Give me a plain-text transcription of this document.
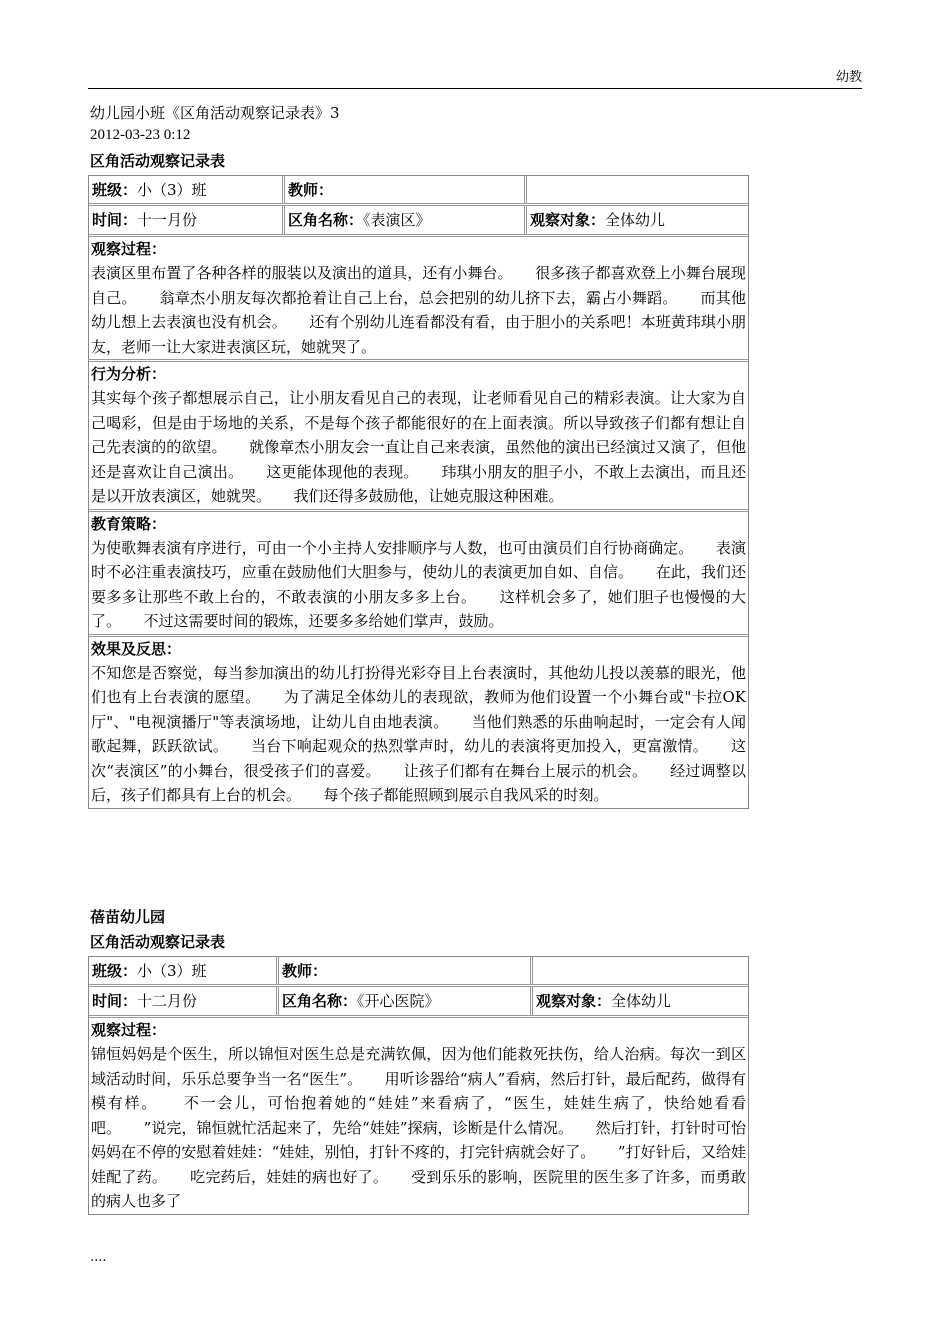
幼教
幼儿园小班《区角活动观察记录表》3
2012-03-23 0:12
区角活动观察记录表
班级：小（3）班	教师：
时间：十一月份	区角名称：《表演区》	观察对象：全体幼儿
观察过程：
表演区里布置了各种各样的服装以及演出的道具，还有小舞台。　　很多孩子都喜欢登上小舞台展现自己。　　翁章杰小朋友每次都抢着让自己上台，总会把别的幼儿挤下去，霸占小舞蹈。　　而其他幼儿想上去表演也没有机会。　　还有个别幼儿连看都没有看，由于胆小的关系吧！本班黄玮琪小朋友，老师一让大家进表演区玩，她就哭了。
行为分析：
其实每个孩子都想展示自己，让小朋友看见自己的表现，让老师看见自己的精彩表演。让大家为自己喝彩，但是由于场地的关系，不是每个孩子都能很好的在上面表演。所以导致孩子们都有想让自己先表演的的欲望。　　就像章杰小朋友会一直让自己来表演，虽然他的演出已经演过又演了，但他还是喜欢让自己演出。　　这更能体现他的表现。　　玮琪小朋友的胆子小，不敢上去演出，而且还是以开放表演区，她就哭。　　我们还得多鼓励他，让她克服这种困难。
教育策略：
为使歌舞表演有序进行，可由一个小主持人安排顺序与人数，也可由演员们自行协商确定。　　表演时不必注重表演技巧，应重在鼓励他们大胆参与，使幼儿的表演更加自如、自信。　　在此，我们还要多多让那些不敢上台的，不敢表演的小朋友多多上台。　　这样机会多了，她们胆子也慢慢的大了。　　不过这需要时间的锻炼，还要多多给她们掌声，鼓励。
效果及反思：
不知您是否察觉，每当参加演出的幼儿打扮得光彩夺目上台表演时，其他幼儿投以羡慕的眼光，他们也有上台表演的愿望。　　为了满足全体幼儿的表现欲，教师为他们设置一个小舞台或"卡拉OK厅"、"电视演播厅"等表演场地，让幼儿自由地表演。　　当他们熟悉的乐曲响起时，一定会有人闻歌起舞，跃跃欲试。　　当台下响起观众的热烈掌声时，幼儿的表演将更加投入，更富激情。　　这次“表演区”的小舞台，很受孩子们的喜爱。　　让孩子们都有在舞台上展示的机会。　　经过调整以后，孩子们都具有上台的机会。　　每个孩子都能照顾到展示自我风采的时刻。
蓓苗幼儿园
区角活动观察记录表
班级：小（3）班	教师：
时间：十二月份	区角名称：《开心医院》	观察对象：全体幼儿
观察过程：
锦恒妈妈是个医生，所以锦恒对医生总是充满钦佩，因为他们能救死扶伤，给人治病。每次一到区域活动时间，乐乐总要争当一名“医生”。　　用听诊器给“病人”看病，然后打针，最后配药，做得有模有样。　　不一会儿，可怡抱着她的“娃娃”来看病了，“医生，娃娃生病了，快给她看看吧。　　”说完，锦恒就忙活起来了，先给“娃娃”探病，诊断是什么情况。　　然后打针，打针时可怡妈妈在不停的安慰着娃娃：“娃娃，别怕，打针不疼的，打完针病就会好了。　　”打好针后，又给娃娃配了药。　　吃完药后，娃娃的病也好了。　　受到乐乐的影响，医院里的医生多了许多，而勇敢的病人也多了
....
